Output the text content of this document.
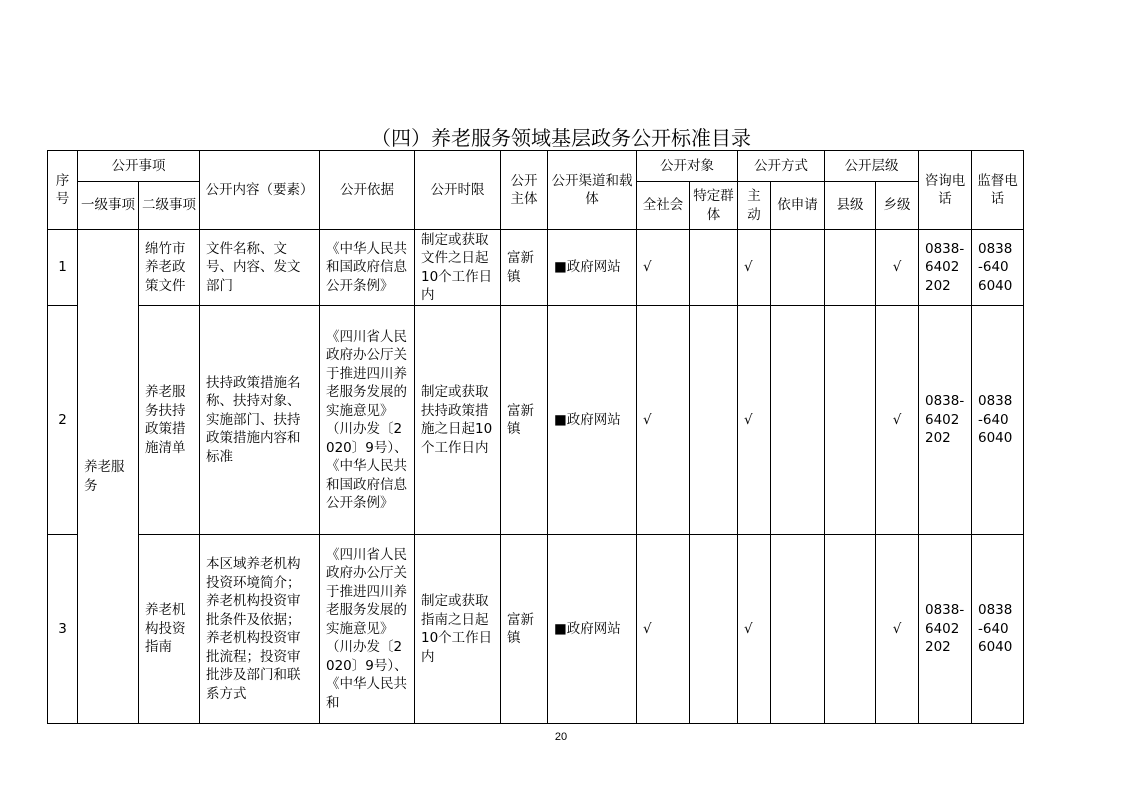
（四）养老服务领域基层政务公开标准目录
序号	公开事项		公开内容（要素）	公开依据	公开时限	公开主体	公开渠道和载体	公开对象		公开方式		公开层级		咨询电话	监督电话
	一级事项	二级事项						全社会	特定群体	主动	依申请	县级	乡级		
1	养老服务	绵竹市养老政策文件	文件名称、文号、内容、发文部门	《中华人民共和国政府信息公开条例》	制定或获取文件之日起10个工作日内	富新镇	■政府网站	√		√			√	0838-6402202	0838-6406040
2		养老服务扶持政策措施清单	扶持政策措施名称、扶持对象、实施部门、扶持政策措施内容和标准	《四川省人民政府办公厅关于推进四川养老服务发展的实施意见》（川办发〔2020〕9号）、《中华人民共和国政府信息公开条例》	制定或获取扶持政策措施之日起10个工作日内	富新镇	■政府网站	√		√			√	0838-6402202	0838-6406040
3		养老机构投资指南	本区域养老机构投资环境简介；养老机构投资审批条件及依据；养老机构投资审批流程；投资审批涉及部门和联系方式	《四川省人民政府办公厅关于推进四川养老服务发展的实施意见》（川办发〔2020〕9号）、《中华人民共和	制定或获取指南之日起10个工作日内	富新镇	■政府网站	√		√			√	0838-6402202	0838-6406040
20
